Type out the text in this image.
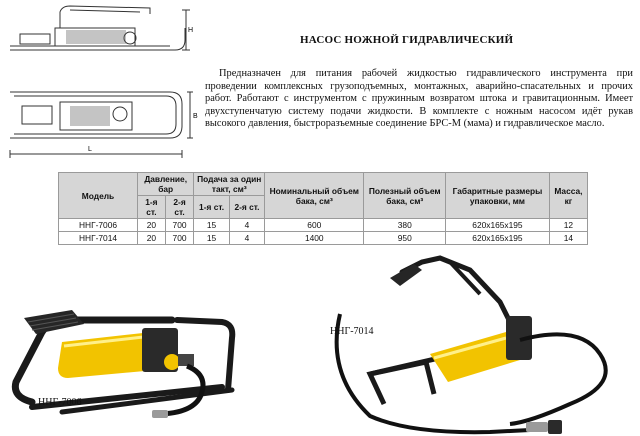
H
B
L
НАСОС НОЖНОЙ ГИДРАВЛИЧЕСКИЙ
Предназначен для питания рабочей жидкостью гидравлического инструмента при проведении комплексных грузоподъемных, монтажных, аварийно-спасательных и прочих работ. Работают с инструментом с пружинным возвратом штока и гравитационным. Имеет двухступенчатую систему подачи жидкости. В комплекте с ножным насосом идёт рукав высокого давления, быстроразъемные соединение БРС-М (мама) и гидравлическое масло.
Модель	Давление, бар		Подача за один такт, см³		Номинальный объем бака, см³	Полезный объем бака, см³	Габаритные размеры упаковки, мм	Масса, кг
	1-я ст.	2-я ст.	1-я ст.	2-я ст.				
ННГ-7006	20	700	15	4	600	380	620х165х195	12
ННГ-7014	20	700	15	4	1400	950	620х165х195	14
ННГ-7006
ННГ-7014
